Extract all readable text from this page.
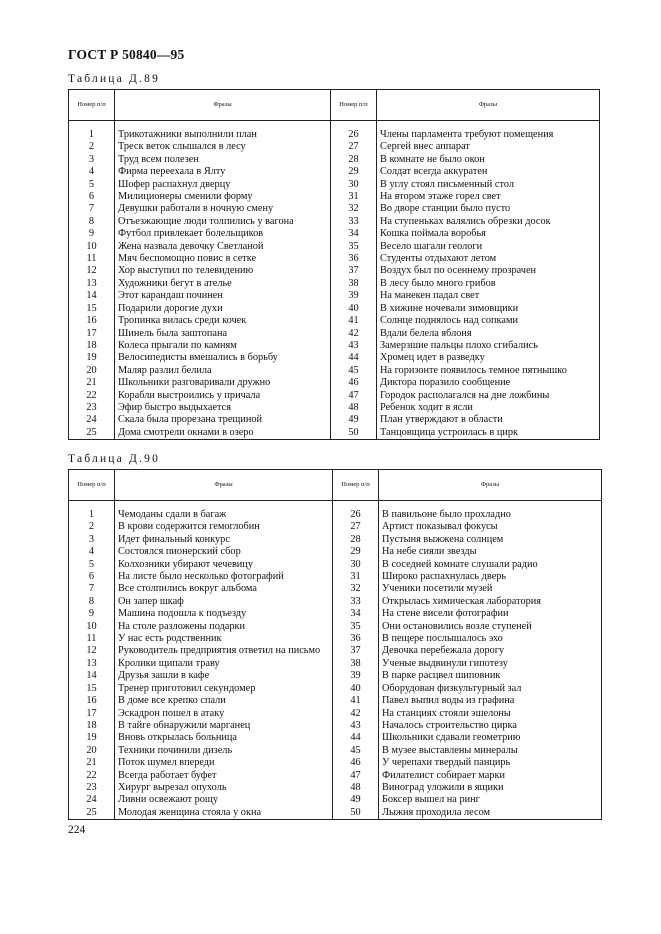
ГОСТ Р 50840—95
Таблица Д.89
Номер п/п	Фразы	Номер п/п	Фразы

1	Трикотажники выполнили план	26	Члены парламента требуют помещения
2	Треск веток слышался в лесу	27	Сергей внес аппарат
3	Труд всем полезен	28	В комнате не было окон
4	Фирма переехала в Ялту	29	Солдат всегда аккуратен
5	Шофер распахнул дверцу	30	В углу стоял письменный стол
6	Милиционеры сменили форму	31	На втором этаже горел свет
7	Девушки работали в ночную смену	32	Во дворе станции было пусто
8	Отъезжающие люди толпились у вагона	33	На ступеньках валялись обрезки досок
9	Футбол привлекает болельщиков	34	Кошка поймала воробья
10	Жена назвала девочку Светланой	35	Весело шагали геологи
11	Мяч беспомощно повис в сетке	36	Студенты отдыхают летом
12	Хор выступил по телевидению	37	Воздух был по осеннему прозрачен
13	Художники бегут в ателье	38	В лесу было много грибов
14	Этот карандаш починен	39	На манекен падал свет
15	Подарили дорогие духи	40	В хижине ночевали зимовщики
16	Тропинка вилась среди кочек	41	Солнце поднялось над сопками
17	Шинель была заштопана	42	Вдали белела яблоня
18	Колеса прыгали по камням	43	Замерзшие пальцы плохо сгибались
19	Велосипедисты вмешались в борьбу	44	Хромец идет в разведку
20	Маляр разлил белила	45	На горизонте появилось темное пятнышко
21	Школьники разговаривали дружно	46	Диктора поразило сообщение
22	Корабли выстроились у причала	47	Городок располагался на дне ложбины
23	Эфир быстро выдыхается	48	Ребенок ходит в ясли
24	Скала была прорезана трещиной	49	План утверждают в области
25	Дома смотрели окнами в озеро	50	Танцовщица устроилась в цирк
Таблица Д.90
Номер п/п	Фразы	Номер п/п	Фразы

1	Чемоданы сдали в багаж	26	В павильоне было прохладно
2	В крови содержится гемоглобин	27	Артист показывал фокусы
3	Идет финальный конкурс	28	Пустыня выжжена солнцем
4	Состоялся пионерский сбор	29	На небе сияли звезды
5	Колхозники убирают чечевицу	30	В соседней комнате слушали радио
6	На листе было несколько фотографий	31	Широко распахнулась дверь
7	Все столпились вокруг альбома	32	Ученики посетили музей
8	Он запер шкаф	33	Открылась химическая лаборатория
9	Машина подошла к подъезду	34	На стене висели фотографии
10	На столе разложены подарки	35	Они остановились возле ступеней
11	У нас есть родственник	36	В пещере послышалось эхо
12	Руководитель предприятия ответил на письмо	37	Девочка перебежала дорогу
13	Кролики щипали траву	38	Ученые выдвинули гипотезу
14	Друзья зашли в кафе	39	В парке расцвел шиповник
15	Тренер приготовил секундомер	40	Оборудован физкультурный зал
16	В доме все крепко спали	41	Павел выпил воды из графина
17	Эскадрон пошел в атаку	42	На станциях стояли эшелоны
18	В тайге обнаружили марганец	43	Началось строительство цирка
19	Вновь открылась больница	44	Школьники сдавали геометрию
20	Техники починили дизель	45	В музее выставлены минералы
21	Поток шумел впереди	46	У черепахи твердый панцирь
22	Всегда работает буфет	47	Филателист собирает марки
23	Хирург вырезал опухоль	48	Виноград уложили в ящики
24	Ливни освежают рощу	49	Боксер вышел на ринг
25	Молодая женщина стояла у окна	50	Лыжня проходила лесом
224
